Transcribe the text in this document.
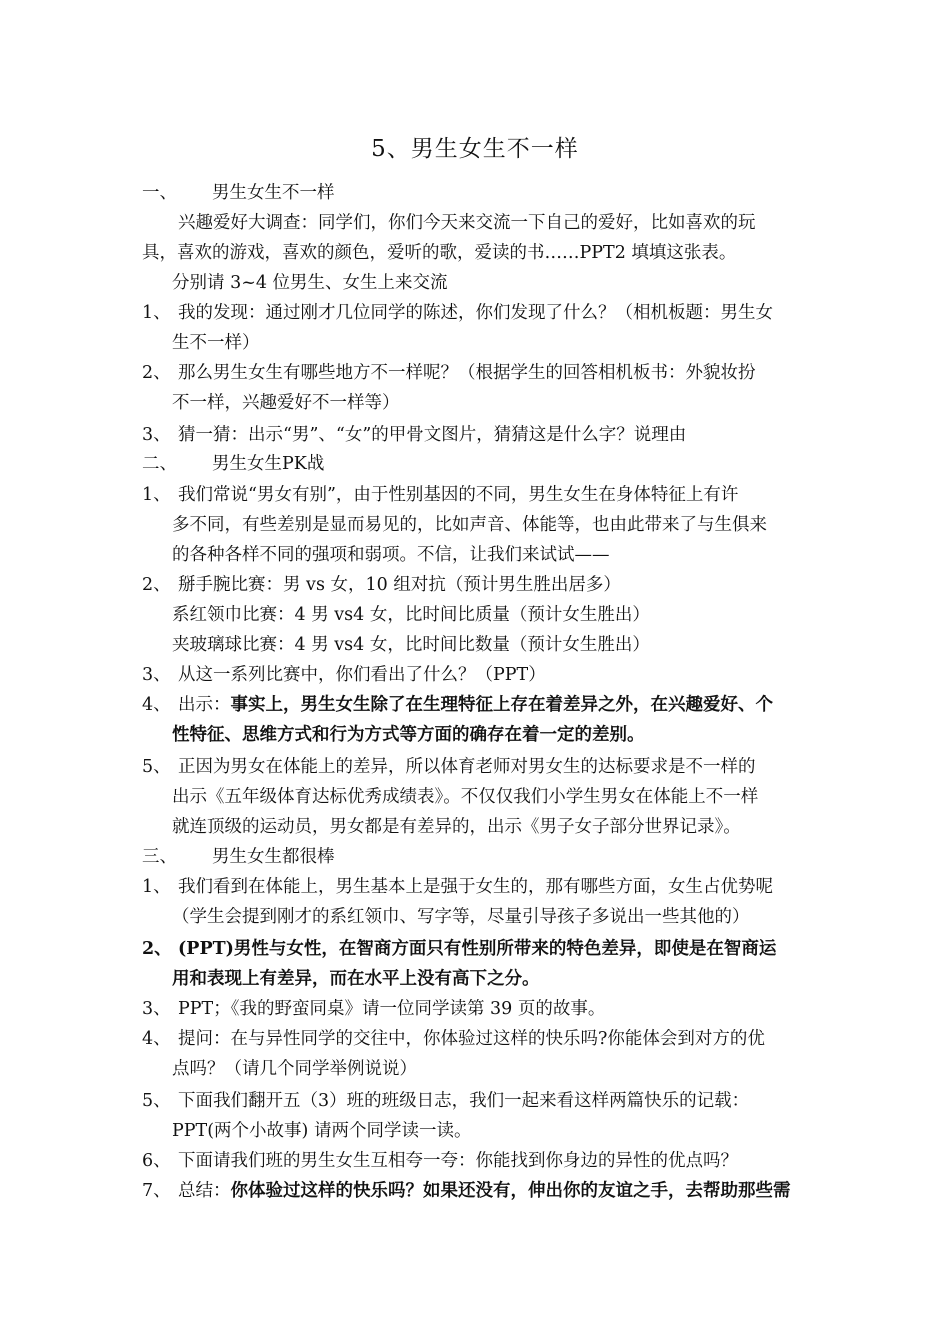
5、男生女生不一样
一、 男生女生不一样
兴趣爱好大调查：同学们，你们今天来交流一下自己的爱好，比如喜欢的玩
具，喜欢的游戏，喜欢的颜色，爱听的歌，爱读的书……PPT2 填填这张表。
分别请 3~4 位男生、女生上来交流
1、 我的发现：通过刚才几位同学的陈述，你们发现了什么？（相机板题：男生女
生不一样）
2、 那么男生女生有哪些地方不一样呢？（根据学生的回答相机板书：外貌妆扮
不一样，兴趣爱好不一样等）
3、 猜一猜：出示“男”、“女”的甲骨文图片，猜猜这是什么字？说理由
二、 男生女生PK战
1、 我们常说“男女有别”，由于性别基因的不同，男生女生在身体特征上有许
多不同，有些差别是显而易见的，比如声音、体能等，也由此带来了与生俱来
的各种各样不同的强项和弱项。不信，让我们来试试——
2、 掰手腕比赛：男 vs 女，10 组对抗（预计男生胜出居多）
系红领巾比赛：4 男 vs4 女，比时间比质量（预计女生胜出）
夹玻璃球比赛：4 男 vs4 女，比时间比数量（预计女生胜出）
3、 从这一系列比赛中，你们看出了什么？（PPT）
4、 出示：事实上，男生女生除了在生理特征上存在着差异之外，在兴趣爱好、个
性特征、思维方式和行为方式等方面的确存在着一定的差别。
5、 正因为男女在体能上的差异，所以体育老师对男女生的达标要求是不一样的
出示《五年级体育达标优秀成绩表》。不仅仅我们小学生男女在体能上不一样
就连顶级的运动员，男女都是有差异的，出示《男子女子部分世界记录》。
三、 男生女生都很棒
1、 我们看到在体能上，男生基本上是强于女生的，那有哪些方面，女生占优势呢
（学生会提到刚才的系红领巾、写字等，尽量引导孩子多说出一些其他的）
2、 (PPT)男性与女性，在智商方面只有性别所带来的特色差异，即使是在智商运
用和表现上有差异，而在水平上没有高下之分。
3、 PPT；《我的野蛮同桌》请一位同学读第 39 页的故事。
4、 提问：在与异性同学的交往中，你体验过这样的快乐吗?你能体会到对方的优
点吗？（请几个同学举例说说）
5、 下面我们翻开五（3）班的班级日志，我们一起来看这样两篇快乐的记载：
PPT(两个小故事) 请两个同学读一读。
6、 下面请我们班的男生女生互相夸一夸：你能找到你身边的异性的优点吗？
7、 总结：你体验过这样的快乐吗？如果还没有，伸出你的友谊之手，去帮助那些需
